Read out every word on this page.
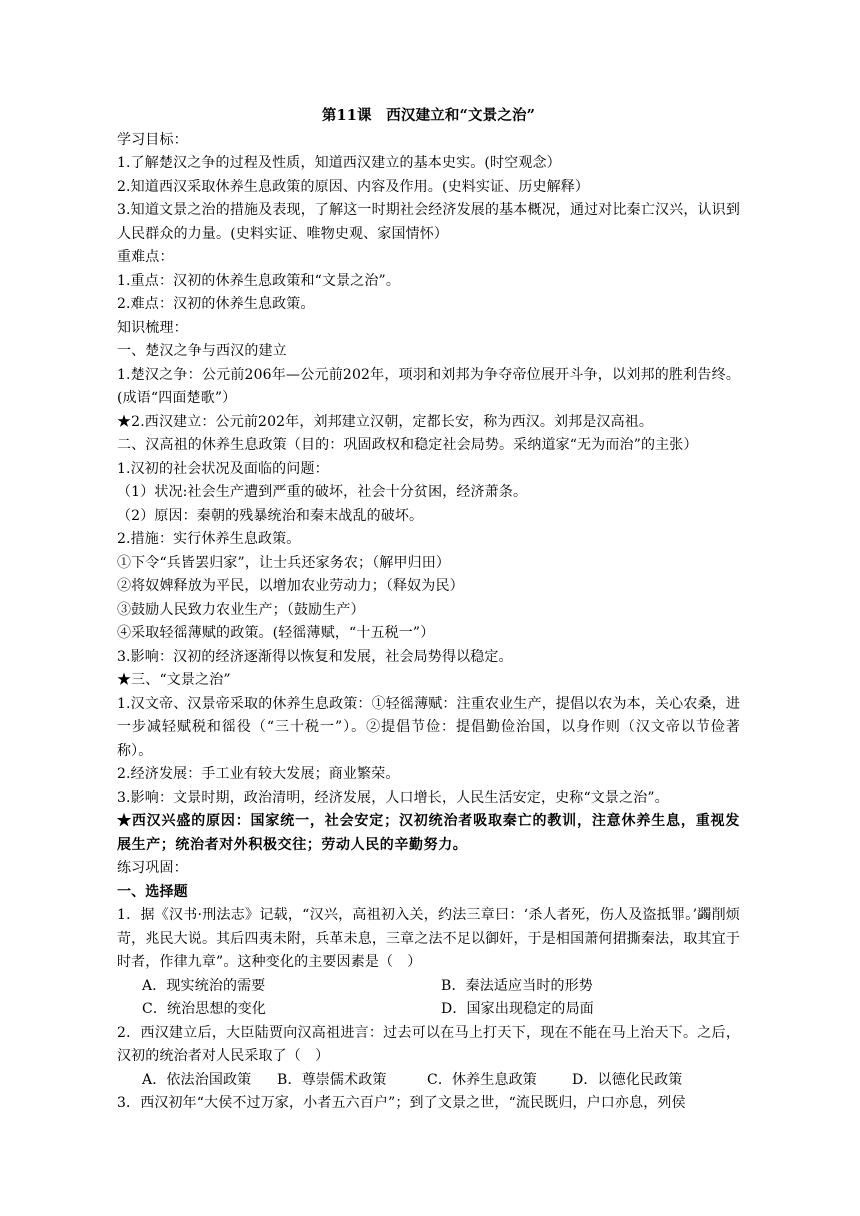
第11课　西汉建立和“文景之治”
学习目标：
1.了解楚汉之争的过程及性质，知道西汉建立的基本史实。(时空观念）
2.知道西汉采取休养生息政策的原因、内容及作用。(史料实证、历史解释）
3.知道文景之治的措施及表现，了解这一时期社会经济发展的基本概况，通过对比秦亡汉兴，认识到人民群众的力量。(史料实证、唯物史观、家国情怀）
重难点：
1.重点：汉初的休养生息政策和“文景之治”。
2.难点：汉初的休养生息政策。
知识梳理：
一、楚汉之争与西汉的建立
1.楚汉之争：公元前206年—公元前202年，项羽和刘邦为争夺帝位展开斗争，以刘邦的胜利告终。(成语“四面楚歌”）
★2.西汉建立：公元前202年，刘邦建立汉朝，定都长安，称为西汉。刘邦是汉高祖。
二、汉高祖的休养生息政策（目的：巩固政权和稳定社会局势。采纳道家“无为而治”的主张）
1.汉初的社会状况及面临的问题：
（1）状况:社会生产遭到严重的破坏，社会十分贫困，经济萧条。
（2）原因：秦朝的残暴统治和秦末战乱的破坏。
2.措施：实行休养生息政策。
①下令“兵皆罢归家”，让士兵还家务农；（解甲归田）
②将奴婢释放为平民，以增加农业劳动力；（释奴为民）
③鼓励人民致力农业生产；（鼓励生产）
④采取轻徭薄赋的政策。(轻徭薄赋，“十五税一”）
3.影响：汉初的经济逐渐得以恢复和发展，社会局势得以稳定。
★三、“文景之治”
1.汉文帝、汉景帝采取的休养生息政策：①轻徭薄赋：注重农业生产，提倡以农为本，关心农桑，进一步减轻赋税和徭役（“三十税一”）。②提倡节俭：提倡勤俭治国，以身作则（汉文帝以节俭著称）。
2.经济发展：手工业有较大发展；商业繁荣。
3.影响：文景时期，政治清明，经济发展，人口增长，人民生活安定，史称“文景之治”。
★西汉兴盛的原因：国家统一，社会安定；汉初统治者吸取秦亡的教训，注意休养生息，重视发展生产；统治者对外积极交往；劳动人民的辛勤努力。
练习巩固：
一、选择题
1．据《汉书·刑法志》记载，“汉兴，高祖初入关，约法三章曰：‘杀人者死，伤人及盗抵罪。’蠲削烦苛，兆民大说。其后四夷未附，兵革未息，三章之法不足以御奸，于是相国萧何捃撕秦法，取其宜于时者，作律九章”。这种变化的主要因素是（　）
A．现实统治的需要	B．秦法适应当时的形势
C．统治思想的变化	D．国家出现稳定的局面
2．西汉建立后，大臣陆贾向汉高祖进言：过去可以在马上打天下，现在不能在马上治天下。之后，汉初的统治者对人民采取了（　）
A．依法治国政策	B．尊崇儒术政策	C．休养生息政策	D．以德化民政策
3．西汉初年“大侯不过万家，小者五六百户”；到了文景之世，“流民既归，户口亦息，列侯
